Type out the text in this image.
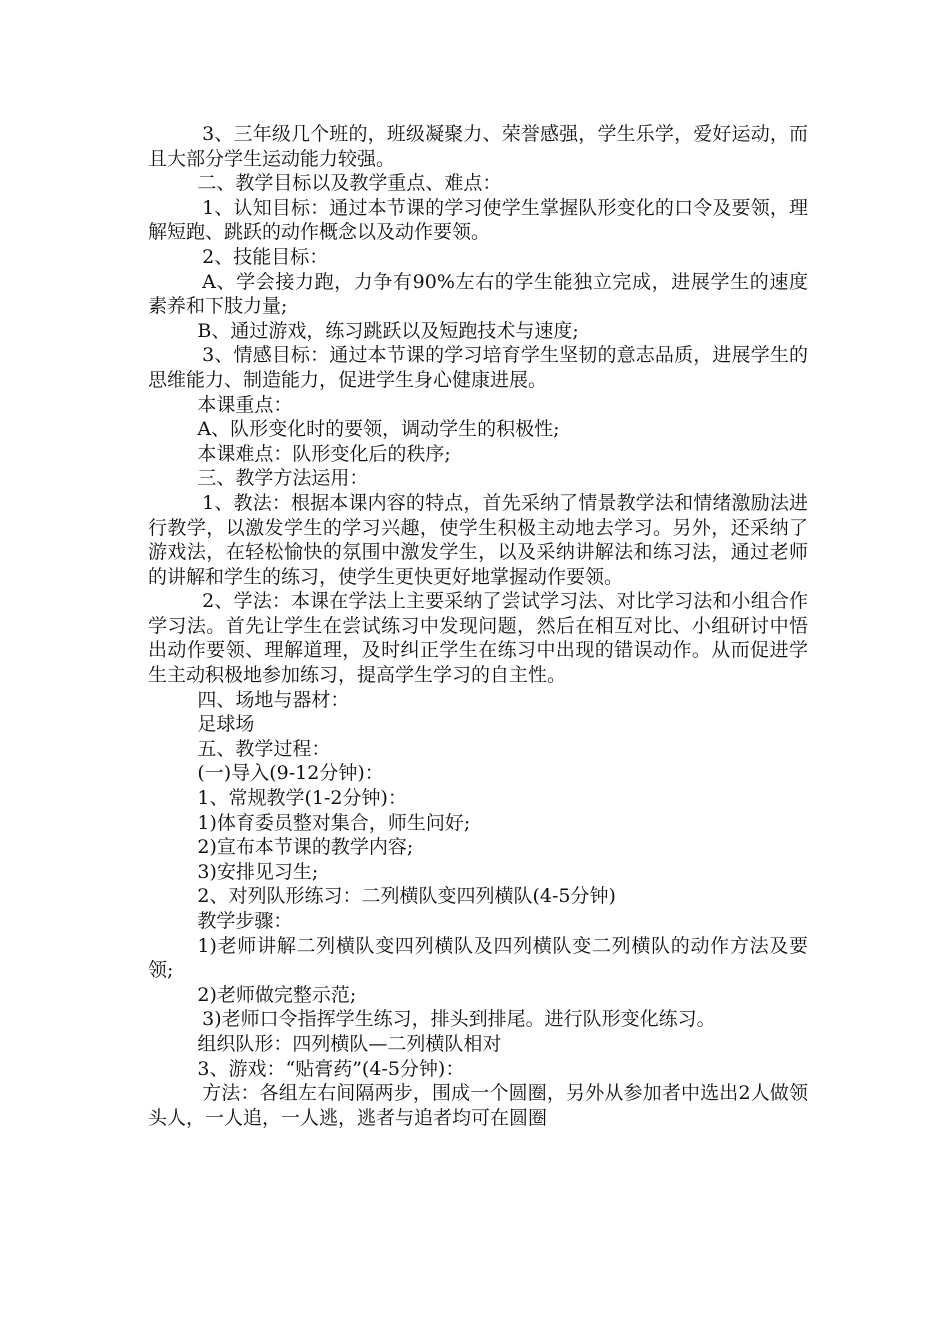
3、三年级几个班的，班级凝聚力、荣誉感强，学生乐学，爱好运动，而且大部分学生运动能力较强。

二、教学目标以及教学重点、难点：

1、认知目标：通过本节课的学习使学生掌握队形变化的口令及要领，理解短跑、跳跃的动作概念以及动作要领。

2、技能目标：

A、学会接力跑，力争有90%左右的学生能独立完成，进展学生的速度素养和下肢力量;

B、通过游戏，练习跳跃以及短跑技术与速度;

3、情感目标：通过本节课的学习培育学生坚韧的意志品质，进展学生的思维能力、制造能力，促进学生身心健康进展。

本课重点：

A、队形变化时的要领，调动学生的积极性;

本课难点：队形变化后的秩序;

三、教学方法运用：

1、教法：根据本课内容的特点，首先采纳了情景教学法和情绪激励法进行教学，以激发学生的学习兴趣，使学生积极主动地去学习。另外，还采纳了游戏法，在轻松愉快的氛围中激发学生，以及采纳讲解法和练习法，通过老师的讲解和学生的练习，使学生更快更好地掌握动作要领。

2、学法：本课在学法上主要采纳了尝试学习法、对比学习法和小组合作学习法。首先让学生在尝试练习中发现问题，然后在相互对比、小组研讨中悟出动作要领、理解道理，及时纠正学生在练习中出现的错误动作。从而促进学生主动积极地参加练习，提高学生学习的自主性。

四、场地与器材：

足球场

五、教学过程：

(一)导入(9-12分钟)：

1、常规教学(1-2分钟)：

1)体育委员整对集合，师生问好;

2)宣布本节课的教学内容;

3)安排见习生;

2、对列队形练习：二列横队变四列横队(4-5分钟)

教学步骤：

1)老师讲解二列横队变四列横队及四列横队变二列横队的动作方法及要领;

2)老师做完整示范;

3)老师口令指挥学生练习，排头到排尾。进行队形变化练习。

组织队形：四列横队—二列横队相对

3、游戏：“贴膏药”(4-5分钟)：

方法：各组左右间隔两步，围成一个圆圈，另外从参加者中选出2人做领头人，一人追，一人逃，逃者与追者均可在圆圈
